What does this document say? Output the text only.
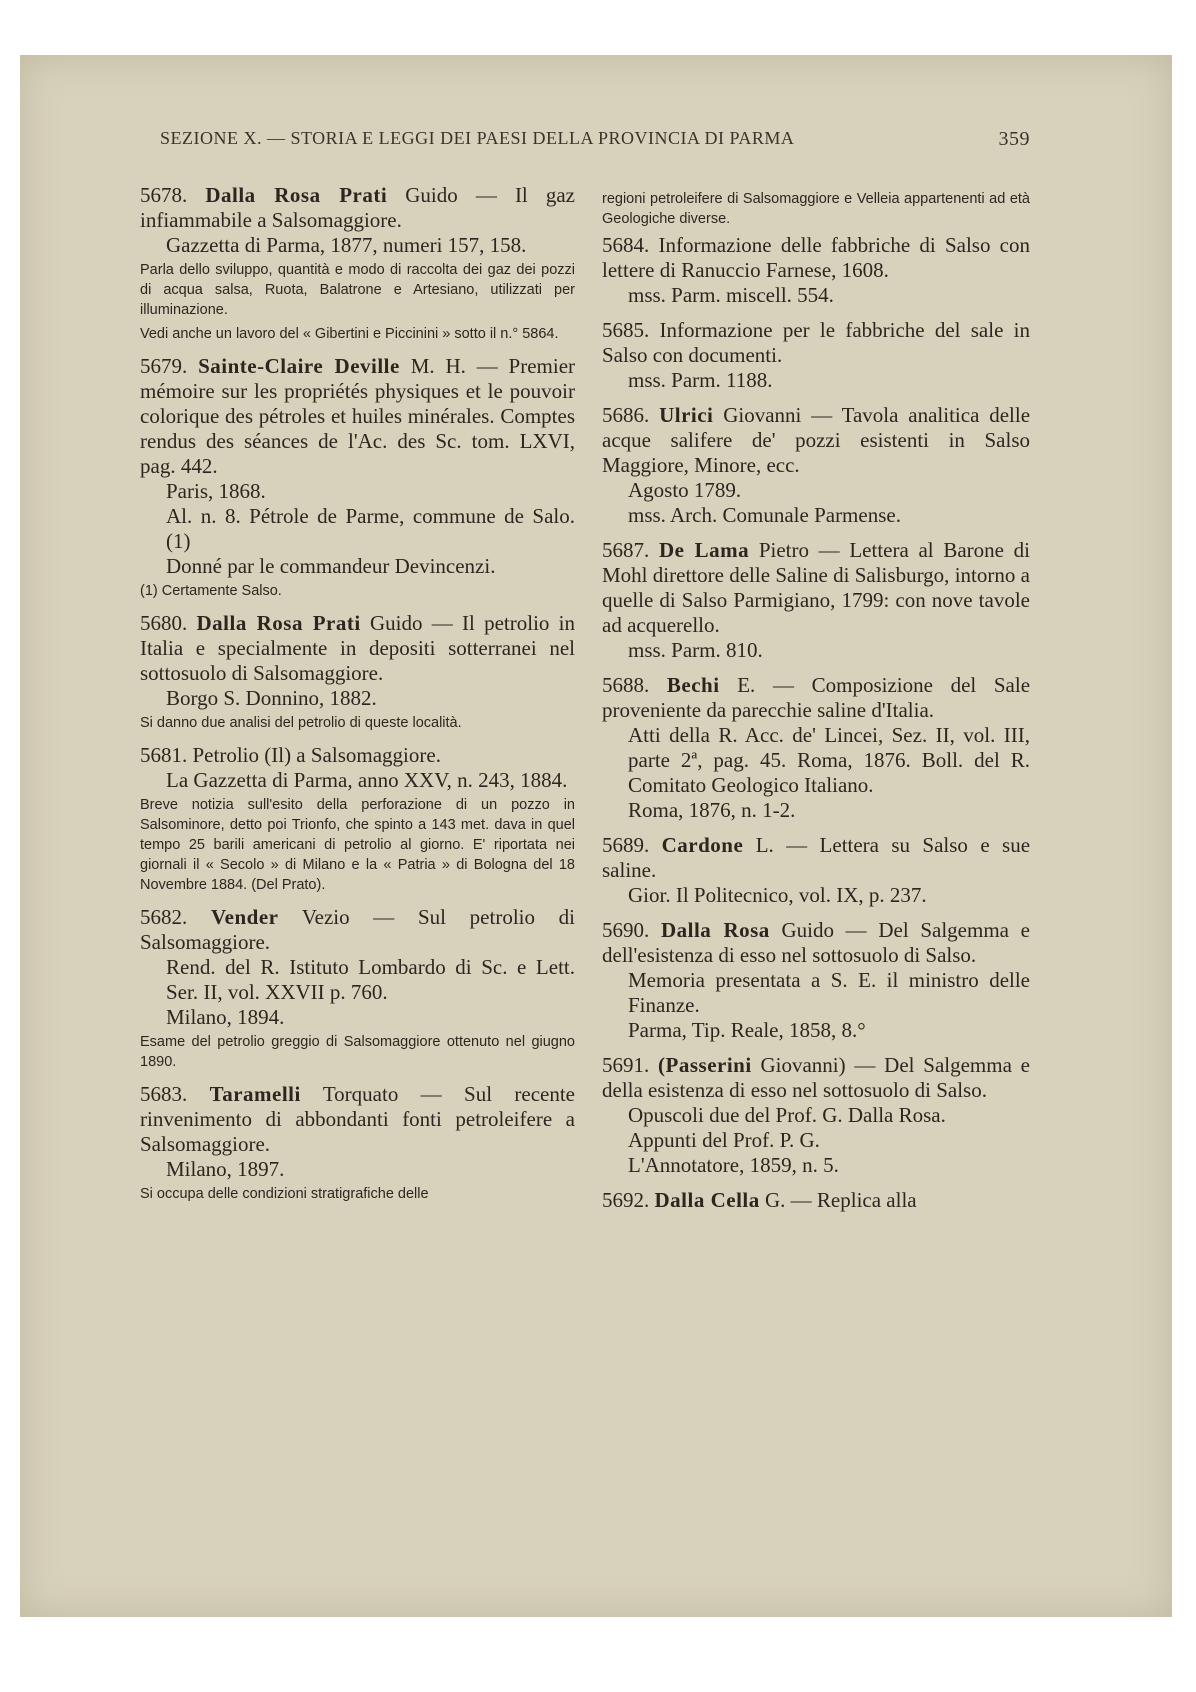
SEZIONE X. — STORIA E LEGGI DEI PAESI DELLA PROVINCIA DI PARMA	359
5678. Dalla Rosa Prati Guido — Il gaz infiammabile a Salsomaggiore.
Gazzetta di Parma, 1877, numeri 157, 158.
Parla dello sviluppo, quantità e modo di raccolta dei gaz dei pozzi di acqua salsa, Ruota, Balatrone e Artesiano, utilizzati per illuminazione.
Vedi anche un lavoro del « Gibertini e Piccinini » sotto il n.° 5864.
5679. Sainte-Claire Deville M. H. — Premier mémoire sur les propriétés physiques et le pouvoir colorique des pétroles et huiles minérales. Comptes rendus des séances de l'Ac. des Sc. tom. LXVI, pag. 442.
Paris, 1868.
Al. n. 8. Pétrole de Parme, commune de Salo. (1)
Donné par le commandeur Devincenzi.
(1) Certamente Salso.
5680. Dalla Rosa Prati Guido — Il petrolio in Italia e specialmente in depositi sotterranei nel sottosuolo di Salsomaggiore.
Borgo S. Donnino, 1882.
Si danno due analisi del petrolio di queste località.
5681. Petrolio (Il) a Salsomaggiore.
La Gazzetta di Parma, anno XXV, n. 243, 1884.
Breve notizia sull'esito della perforazione di un pozzo in Salsominore, detto poi Trionfo, che spinto a 143 met. dava in quel tempo 25 barili americani di petrolio al giorno. E' riportata nei giornali il « Secolo » di Milano e la « Patria » di Bologna del 18 Novembre 1884. (Del Prato).
5682. Vender Vezio — Sul petrolio di Salsomaggiore.
Rend. del R. Istituto Lombardo di Sc. e Lett. Ser. II, vol. XXVII p. 760.
Milano, 1894.
Esame del petrolio greggio di Salsomaggiore ottenuto nel giugno 1890.
5683. Taramelli Torquato — Sul recente rinvenimento di abbondanti fonti petroleifere a Salsomaggiore.
Milano, 1897.
Si occupa delle condizioni stratigrafiche delle
regioni petroleifere di Salsomaggiore e Velleia appartenenti ad età Geologiche diverse.
5684. Informazione delle fabbriche di Salso con lettere di Ranuccio Farnese, 1608.
mss. Parm. miscell. 554.
5685. Informazione per le fabbriche del sale in Salso con documenti.
mss. Parm. 1188.
5686. Ulrici Giovanni — Tavola analitica delle acque salifere de' pozzi esistenti in Salso Maggiore, Minore, ecc.
Agosto 1789.
mss. Arch. Comunale Parmense.
5687. De Lama Pietro — Lettera al Barone di Mohl direttore delle Saline di Salisburgo, intorno a quelle di Salso Parmigiano, 1799: con nove tavole ad acquerello.
mss. Parm. 810.
5688. Bechi E. — Composizione del Sale proveniente da parecchie saline d'Italia.
Atti della R. Acc. de' Lincei, Sez. II, vol. III, parte 2ª, pag. 45. Roma, 1876. Boll. del R. Comitato Geologico Italiano.
Roma, 1876, n. 1-2.
5689. Cardone L. — Lettera su Salso e sue saline.
Gior. Il Politecnico, vol. IX, p. 237.
5690. Dalla Rosa Guido — Del Salgemma e dell'esistenza di esso nel sottosuolo di Salso.
Memoria presentata a S. E. il ministro delle Finanze.
Parma, Tip. Reale, 1858, 8.°
5691. (Passerini Giovanni) — Del Salgemma e della esistenza di esso nel sottosuolo di Salso.
Opuscoli due del Prof. G. Dalla Rosa.
Appunti del Prof. P. G.
L'Annotatore, 1859, n. 5.
5692. Dalla Cella G. — Replica alla
